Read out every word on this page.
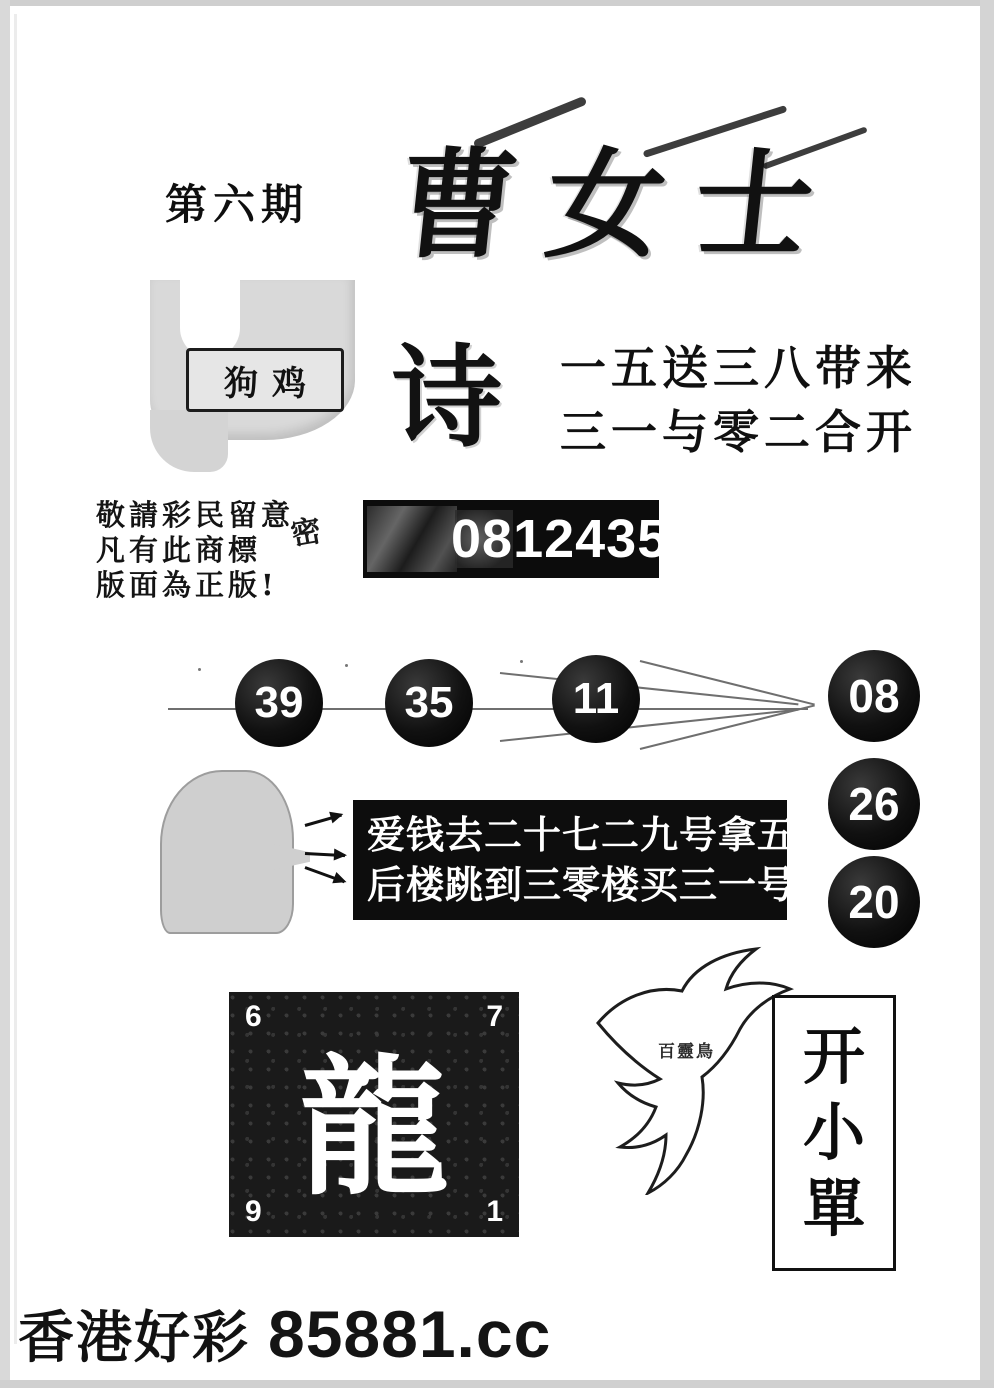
第六期 曹女士
狗 鸡 诗 一五送三八带来
三一与零二合开
敬請彩民留意
凡有此商標
版面為正版!
密	0812435
39	35	11	08
26
20
爱钱去二十七二九号拿五
后楼跳到三零楼买三一号
6	7
9	1
龍	百靈鳥 开
小
單
香港好彩 85881.cc
